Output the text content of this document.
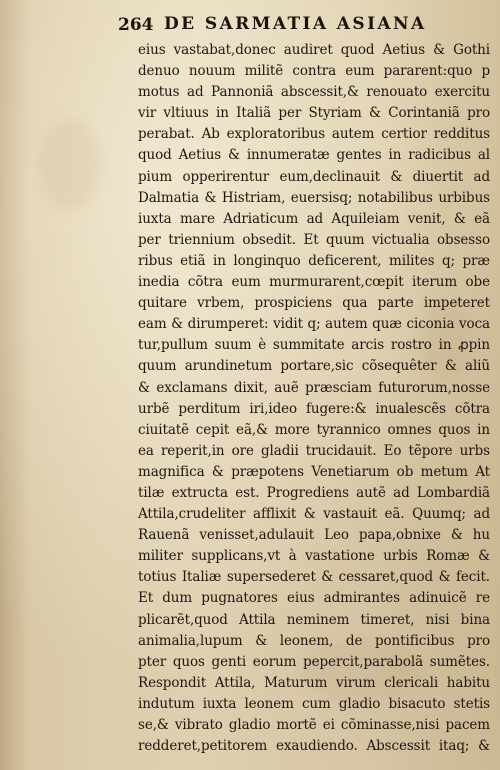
264 DE SARMATIA ASIANA
eius vastabat,donec audiret quod Aetius & Gothi
denuo nouum militẽ contra eum pararent:quo p
motus ad Pannoniã abscessit,& renouato exercitu
vir vltiuus in Italiã per Styriam & Corintaniã pro
perabat. Ab exploratoribus autem certior redditus
quod Aetius & innumeratæ gentes in radicibus al
pium opperirentur eum,declinauit & diuertit ad
Dalmatia & Histriam, euersisq; notabilibus urbibus
iuxta mare Adriaticum ad Aquileiam venit, & eã
per triennium obsedit. Et quum victualia obsesso
ribus etiã in longinquo deficerent, milites q; præ
inedia cõtra eum murmurarent,cœpit iterum obe
quitare vrbem, prospiciens qua parte impeteret
eam & dirumperet: vidit q; autem quæ ciconia voca
tur,pullum suum è summitate arcis rostro in ꝓpin
quum arundinetum portare,sic cõsequêter & aliũ
& exclamans dixit, auẽ præsciam futurorum,nosse
urbẽ perditum iri,ideo fugere:& inualescẽs cõtra
ciuitatẽ cepit eã,& more tyrannico omnes quos in
ea reperit,in ore gladii trucidauit. Eo tẽpore urbs
magnifica & præpotens Venetiarum ob metum At
tilæ extructa est. Progrediens autẽ ad Lombardiã
Attila,crudeliter afflixit & vastauit eã. Quumq; ad
Rauenã venisset,adulauit Leo papa,obnixe & hu
militer supplicans,vt à vastatione urbis Romæ &
totius Italiæ supersederet & cessaret,quod & fecit.
Et dum pugnatores eius admirantes adinuicẽ re
plicarẽt,quod Attila neminem timeret, nisi bina
animalia,lupum & leonem, de pontificibus pro
pter quos genti eorum pepercit,parabolã sumẽtes.
Respondit Attila, Maturum virum clericali habitu
indutum iuxta leonem cum gladio bisacuto stetis
se,& vibrato gladio mortẽ ei cõminasse,nisi pacem
redderet,petitorem exaudiendo. Abscessit itaq; &
